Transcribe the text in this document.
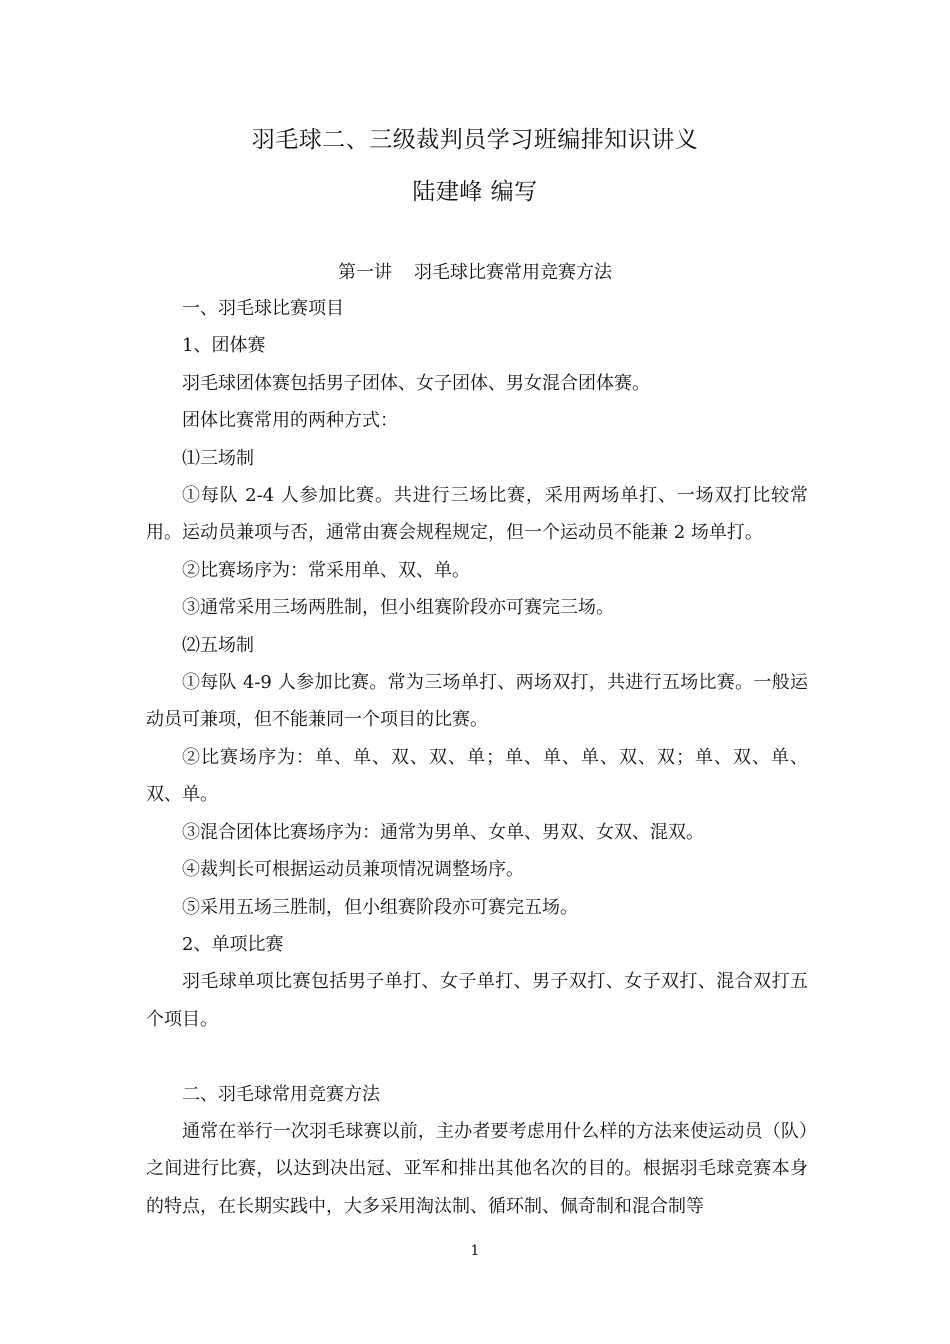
羽毛球二、三级裁判员学习班编排知识讲义
陆建峰 编写
第一讲 羽毛球比赛常用竞赛方法

一、羽毛球比赛项目

1、团体赛

羽毛球团体赛包括男子团体、女子团体、男女混合团体赛。

团体比赛常用的两种方式：

⑴三场制

①每队 2-4 人参加比赛。共进行三场比赛，采用两场单打、一场双打比较常用。运动员兼项与否，通常由赛会规程规定，但一个运动员不能兼 2 场单打。

②比赛场序为：常采用单、双、单。

③通常采用三场两胜制，但小组赛阶段亦可赛完三场。

⑵五场制

①每队 4-9 人参加比赛。常为三场单打、两场双打，共进行五场比赛。一般运动员可兼项，但不能兼同一个项目的比赛。

②比赛场序为：单、单、双、双、单；单、单、单、双、双；单、双、单、双、单。

③混合团体比赛场序为：通常为男单、女单、男双、女双、混双。

④裁判长可根据运动员兼项情况调整场序。

⑤采用五场三胜制，但小组赛阶段亦可赛完五场。

2、单项比赛

羽毛球单项比赛包括男子单打、女子单打、男子双打、女子双打、混合双打五个项目。

二、羽毛球常用竞赛方法

通常在举行一次羽毛球赛以前，主办者要考虑用什么样的方法来使运动员（队）之间进行比赛，以达到决出冠、亚军和排出其他名次的目的。根据羽毛球竞赛本身的特点，在长期实践中，大多采用淘汰制、循环制、佩奇制和混合制等

1
